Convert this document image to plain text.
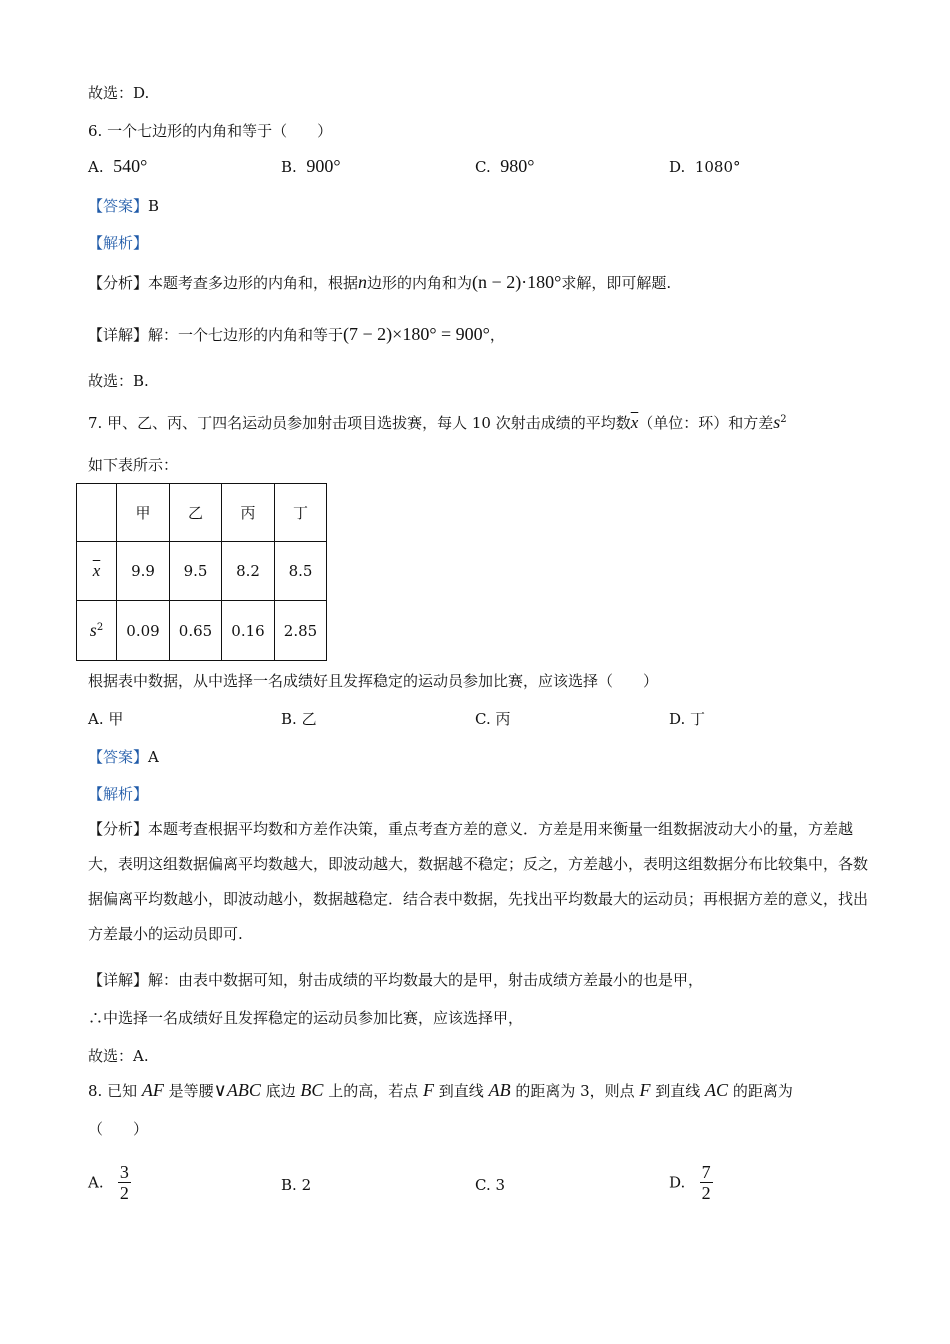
故选：D.
6. 一个七边形的内角和等于（　　）
A. 540°	B. 900°	C. 980°	D. 1080°
【答案】B
【解析】
【分析】本题考查多边形的内角和，根据n边形的内角和为(n − 2)·180°求解，即可解题.
【详解】解：一个七边形的内角和等于(7 − 2)×180° = 900°，
故选：B.
7. 甲、乙、丙、丁四名运动员参加射击项目选拔赛，每人 10 次射击成绩的平均数$\overline{x}$（单位：环）和方差$s^2$
如下表所示：
	甲	乙	丙	丁
$\overline{x}$	9.9	9.5	8.2	8.5
$s^2$	0.09	0.65	0.16	2.85
根据表中数据，从中选择一名成绩好且发挥稳定的运动员参加比赛，应该选择（　　）
A. 甲	B. 乙	C. 丙	D. 丁
【答案】A
【解析】
【分析】本题考查根据平均数和方差作决策，重点考查方差的意义．方差是用来衡量一组数据波动大小的量，方差越大，表明这组数据偏离平均数越大，即波动越大，数据越不稳定；反之，方差越小，表明这组数据分布比较集中，各数据偏离平均数越小，即波动越小，数据越稳定．结合表中数据，先找出平均数最大的运动员；再根据方差的意义，找出方差最小的运动员即可.
【详解】解：由表中数据可知，射击成绩的平均数最大的是甲，射击成绩方差最小的也是甲，
∴中选择一名成绩好且发挥稳定的运动员参加比赛，应该选择甲，
故选：A.
8. 已知 AF 是等腰∨ABC 底边 BC 上的高，若点 F 到直线 AB 的距离为 3，则点 F 到直线 AC 的距离为
（　　）
A. $\frac{3}{2}$	B. 2	C. 3	D. $\frac{7}{2}$
